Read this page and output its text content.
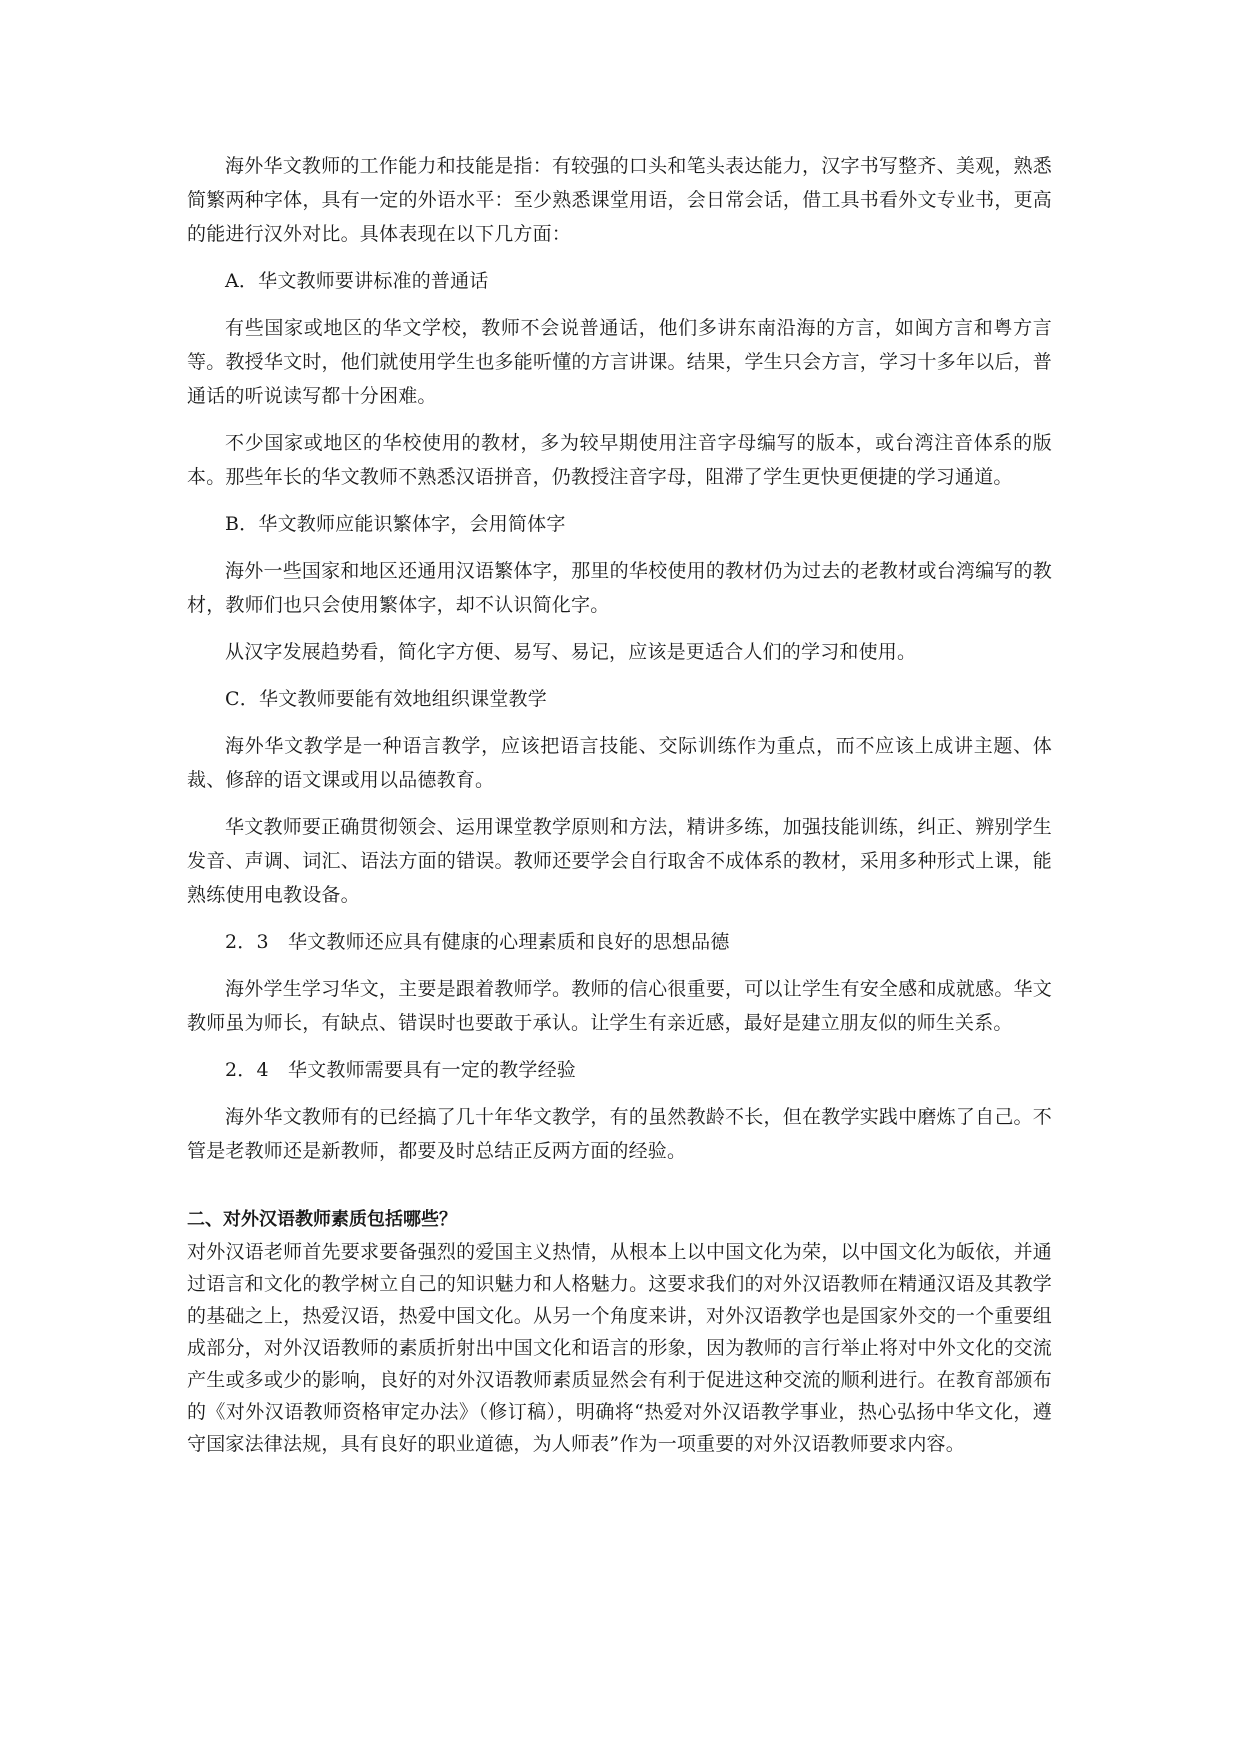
海外华文教师的工作能力和技能是指：有较强的口头和笔头表达能力，汉字书写整齐、美观，熟悉简繁两种字体，具有一定的外语水平：至少熟悉课堂用语，会日常会话，借工具书看外文专业书，更高的能进行汉外对比。具体表现在以下几方面：

A．华文教师要讲标准的普通话

有些国家或地区的华文学校，教师不会说普通话，他们多讲东南沿海的方言，如闽方言和粤方言等。教授华文时，他们就使用学生也多能听懂的方言讲课。结果，学生只会方言，学习十多年以后，普通话的听说读写都十分困难。

不少国家或地区的华校使用的教材，多为较早期使用注音字母编写的版本，或台湾注音体系的版本。那些年长的华文教师不熟悉汉语拼音，仍教授注音字母，阻滞了学生更快更便捷的学习通道。

B．华文教师应能识繁体字，会用简体字

海外一些国家和地区还通用汉语繁体字，那里的华校使用的教材仍为过去的老教材或台湾编写的教材，教师们也只会使用繁体字，却不认识简化字。

从汉字发展趋势看，简化字方便、易写、易记，应该是更适合人们的学习和使用。

C．华文教师要能有效地组织课堂教学

海外华文教学是一种语言教学，应该把语言技能、交际训练作为重点，而不应该上成讲主题、体裁、修辞的语文课或用以品德教育。

华文教师要正确贯彻领会、运用课堂教学原则和方法，精讲多练，加强技能训练，纠正、辨别学生发音、声调、词汇、语法方面的错误。教师还要学会自行取舍不成体系的教材，采用多种形式上课，能熟练使用电教设备。

2．3　华文教师还应具有健康的心理素质和良好的思想品德

海外学生学习华文，主要是跟着教师学。教师的信心很重要，可以让学生有安全感和成就感。华文教师虽为师长，有缺点、错误时也要敢于承认。让学生有亲近感，最好是建立朋友似的师生关系。

2．4　华文教师需要具有一定的教学经验

海外华文教师有的已经搞了几十年华文教学，有的虽然教龄不长，但在教学实践中磨炼了自己。不管是老教师还是新教师，都要及时总结正反两方面的经验。

二、对外汉语教师素质包括哪些？

对外汉语老师首先要求要备强烈的爱国主义热情，从根本上以中国文化为荣，以中国文化为皈依，并通过语言和文化的教学树立自己的知识魅力和人格魅力。这要求我们的对外汉语教师在精通汉语及其教学的基础之上，热爱汉语，热爱中国文化。从另一个角度来讲，对外汉语教学也是国家外交的一个重要组成部分，对外汉语教师的素质折射出中国文化和语言的形象，因为教师的言行举止将对中外文化的交流产生或多或少的影响，良好的对外汉语教师素质显然会有利于促进这种交流的顺利进行。在教育部颁布的《对外汉语教师资格审定办法》（修订稿），明确将“热爱对外汉语教学事业，热心弘扬中华文化，遵守国家法律法规，具有良好的职业道德，为人师表”作为一项重要的对外汉语教师要求内容。
